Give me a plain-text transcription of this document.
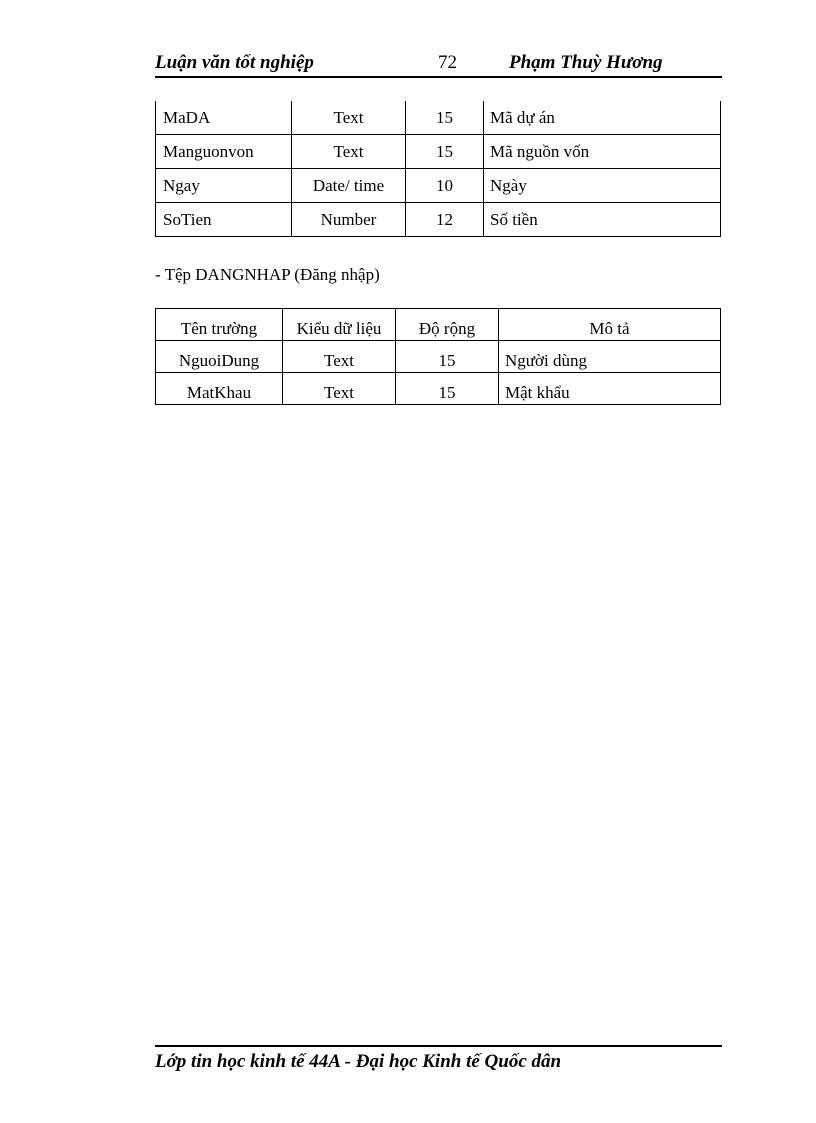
Luận văn tốt nghiệp	72	Phạm Thuỳ Hương
MaDA	Text	15	Mã dự án
Manguonvon	Text	15	Mã nguồn vốn
Ngay	Date/ time	10	Ngày
SoTien	Number	12	Số tiền
- Tệp DANGNHAP (Đăng nhập)
Tên trường	Kiểu dữ liệu	Độ rộng	Mô tả
NguoiDung	Text	15	Người dùng
MatKhau	Text	15	Mật khẩu
Lớp tin học kinh tế 44A - Đại học Kinh tế Quốc dân
